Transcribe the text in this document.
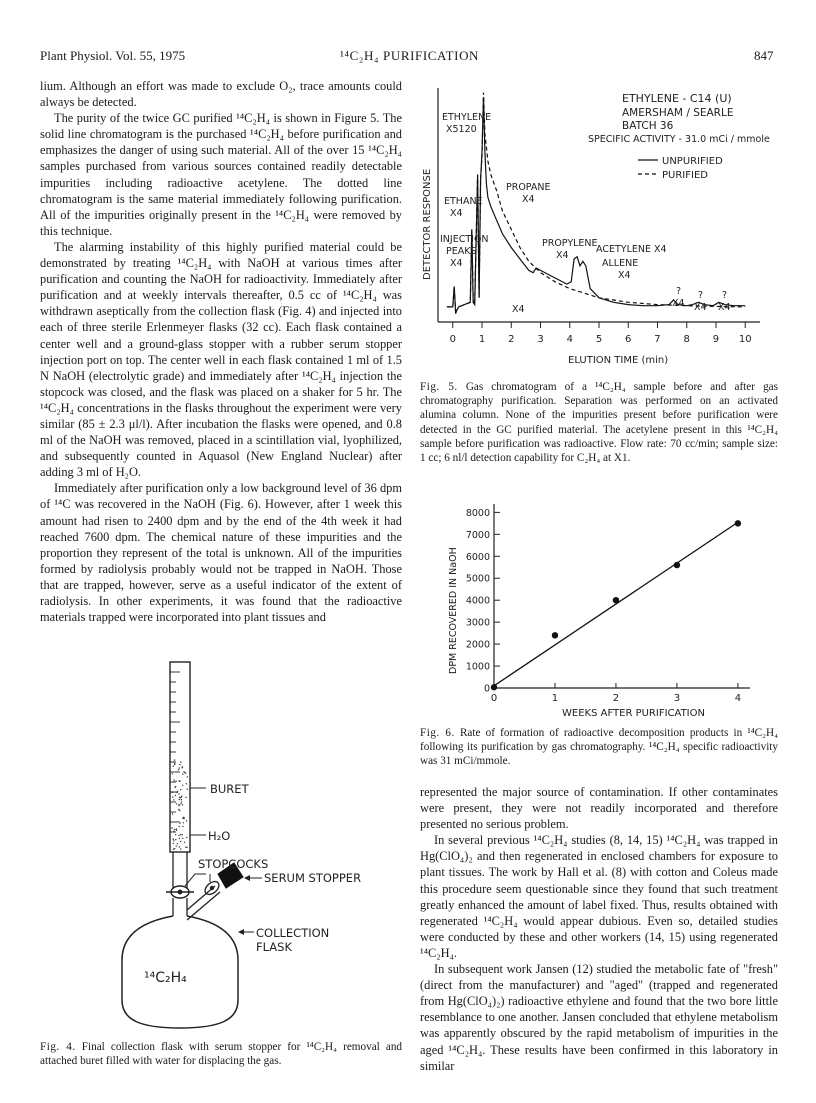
Plant Physiol. Vol. 55, 1975	¹⁴C₂H₄ PURIFICATION	847

lium. Although an effort was made to exclude O₂, trace amounts could always be detected.

The purity of the twice GC purified ¹⁴C₂H₄ is shown in Figure 5. The solid line chromatogram is the purchased ¹⁴C₂H₄ before purification and emphasizes the danger of using such material. All of the over 15 ¹⁴C₂H₄ samples purchased from various sources contained readily detectable impurities including radioactive acetylene. The dotted line chromatogram is the same material immediately following purification. All of the impurities originally present in the ¹⁴C₂H₄ were removed by this technique.

The alarming instability of this highly purified material could be demonstrated by treating ¹⁴C₂H₄ with NaOH at various times after purification and counting the NaOH for radioactivity. Immediately after purification and at weekly intervals thereafter, 0.5 cc of ¹⁴C₂H₄ was withdrawn aseptically from the collection flask (Fig. 4) and injected into each of three sterile Erlenmeyer flasks (32 cc). Each flask contained a center well and a ground-glass stopper with a rubber serum stopper injection port on top. The center well in each flask contained 1 ml of 1.5 N NaOH (electrolytic grade) and immediately after ¹⁴C₂H₄ injection the stopcock was closed, and the flask was placed on a shaker for 5 hr. The ¹⁴C₂H₄ concentrations in the flasks throughout the experiment were very similar (85 ± 2.3 μl/l). After incubation the flasks were opened, and 0.8 ml of the NaOH was removed, placed in a scintillation vial, lyophilized, and subsequently counted in Aquasol (New England Nuclear) after adding 3 ml of H₂O.

Immediately after purification only a low background level of 36 dpm of ¹⁴C was recovered in the NaOH (Fig. 6). However, after 1 week this amount had risen to 2400 dpm and by the end of the 4th week it had reached 7600 dpm. The chemical nature of these impurities and the proportion they represent of the total is unknown. All of the impurities formed by radiolysis probably would not be trapped in NaOH. Those that are trapped, however, serve as a useful indicator of the extent of radiolysis. In other experiments, it was found that the radioactive materials trapped were incorporated into plant tissues and

BURET
H₂O
STOPCOCKS
SERUM STOPPER
COLLECTION
FLASK
¹⁴C₂H₄
Fig. 4. Final collection flask with serum stopper for ¹⁴C₂H₄ removal and attached buret filled with water for displacing the gas.
DETECTOR RESPONSE
0 1 2 3 4 5 6 7 8 9 10
ELUTION TIME (min)
ETHYLENE - C14 (U)
AMERSHAM / SEARLE
BATCH 36
SPECIFIC ACTIVITY - 31.0 mCi / mmole
UNPURIFIED
PURIFIED
ETHYLENE
X5120
ETHANE
X4
INJECTION
PEAKS
X4
PROPANE
X4
PROPYLENE
X4
ACETYLENE X4
ALLENE
X4
X4
?
X4
?
X4
?
X4
Fig. 5. Gas chromatogram of a ¹⁴C₂H₄ sample before and after gas chromatography purification. Separation was performed on an activated alumina column. None of the impurities present before purification were detected in the GC purified material. The acetylene present in this ¹⁴C₂H₄ sample before purification was radioactive. Flow rate: 70 cc/min; sample size: 1 cc; 6 nl/l detection capability for C₂H₄ at X1.
DPM RECOVERED IN NaOH
0
1000
2000
3000
4000
5000
6000
7000
8000
0	1	2	3	4
WEEKS AFTER PURIFICATION
Fig. 6. Rate of formation of radioactive decomposition products in ¹⁴C₂H₄ following its purification by gas chromatography. ¹⁴C₂H₄ specific radioactivity was 31 mCi/mmole.

represented the major source of contamination. If other contaminates were present, they were not readily incorporated and therefore presented no serious problem.

In several previous ¹⁴C₂H₄ studies (8, 14, 15) ¹⁴C₂H₄ was trapped in Hg(ClO₄)₂ and then regenerated in enclosed chambers for exposure to plant tissues. The work by Hall et al. (8) with cotton and Coleus made this procedure seem questionable since they found that such treatment greatly enhanced the amount of label fixed. Thus, results obtained with regenerated ¹⁴C₂H₄ would appear dubious. Even so, detailed studies were conducted by these and other workers (14, 15) using regenerated ¹⁴C₂H₄.

In subsequent work Jansen (12) studied the metabolic fate of "fresh" (direct from the manufacturer) and "aged" (trapped and regenerated from Hg(ClO₄)₂) radioactive ethylene and found that the two bore little resemblance to one another. Jansen concluded that ethylene metabolism was apparently obscured by the rapid metabolism of impurities in the aged ¹⁴C₂H₄. These results have been confirmed in this laboratory in similar
